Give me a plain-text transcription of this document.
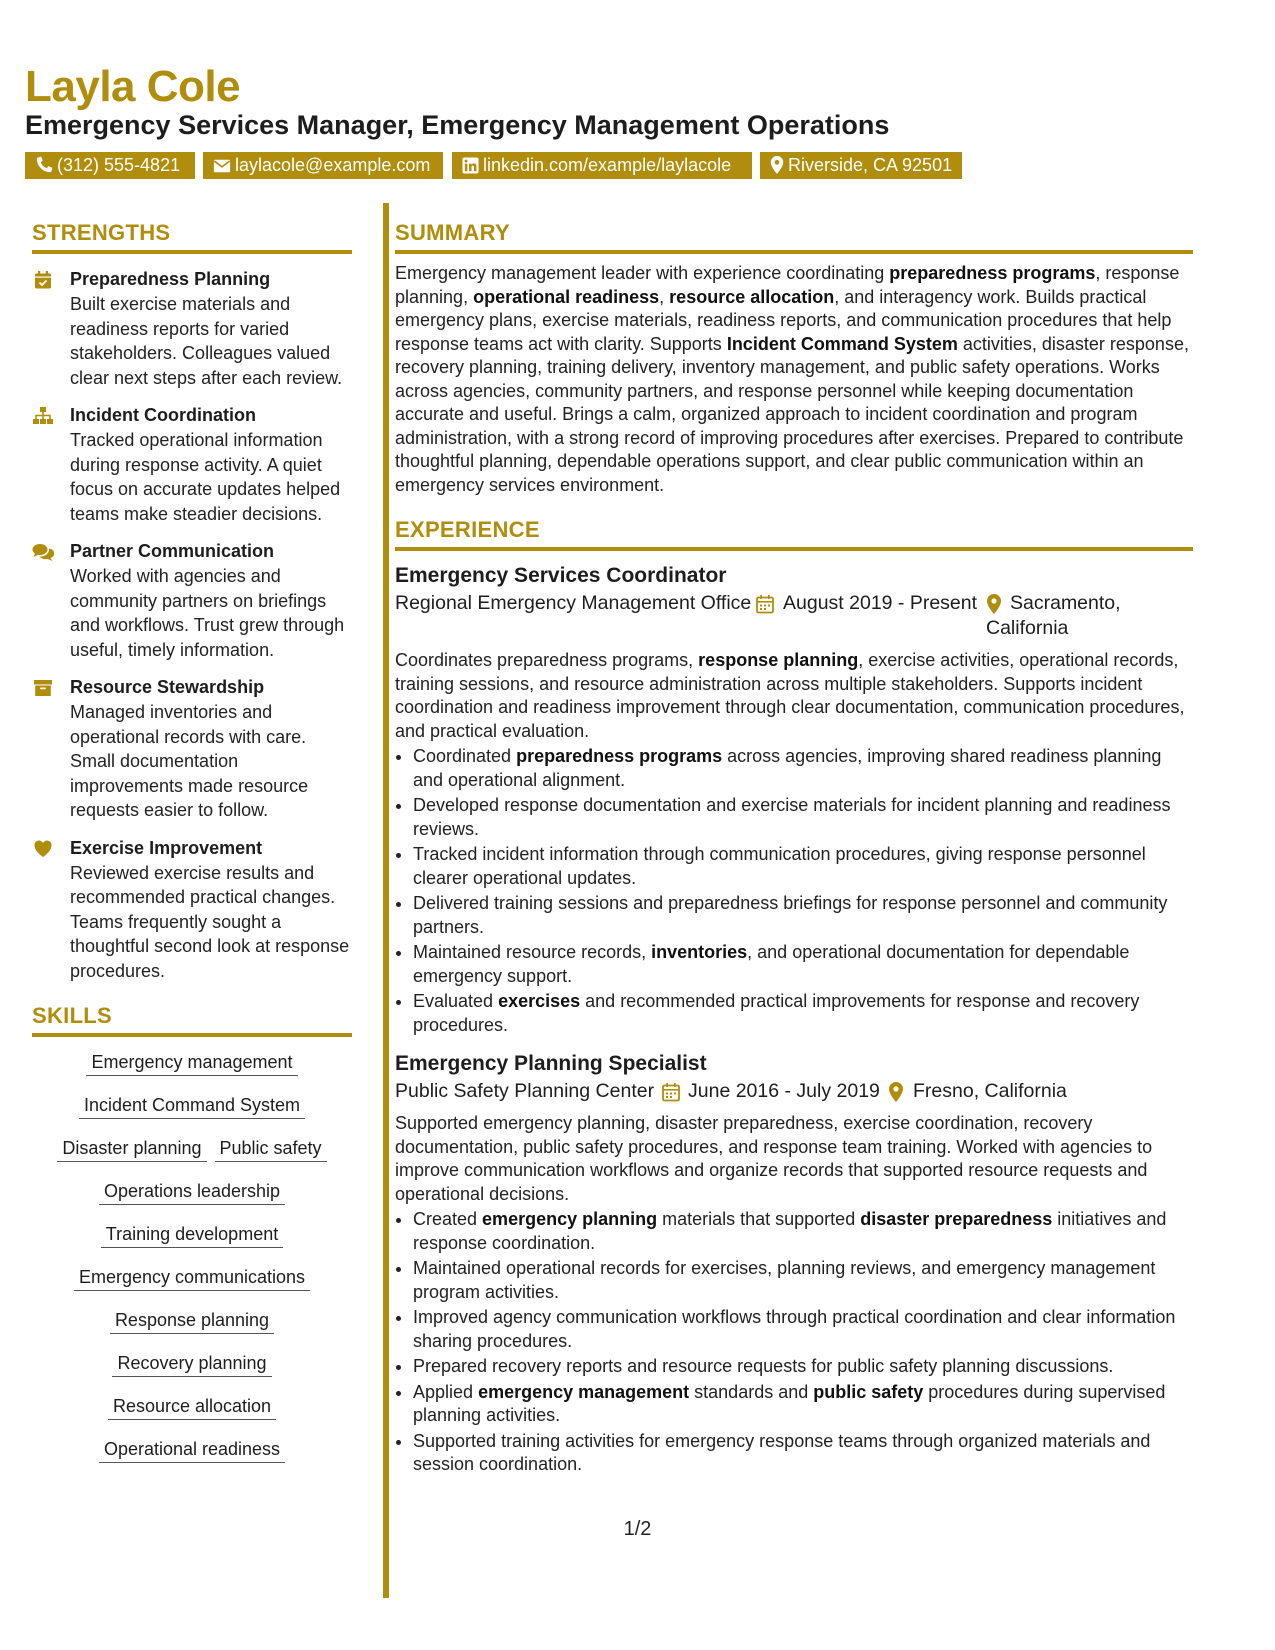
Layla Cole
Emergency Services Manager, Emergency Management Operations
(312) 555-4821	laylacole@example.com	linkedin.com/example/laylacole	Riverside, CA 92501
STRENGTHS
Preparedness Planning
Built exercise materials and readiness reports for varied stakeholders. Colleagues valued clear next steps after each review.
Incident Coordination
Tracked operational information during response activity. A quiet focus on accurate updates helped teams make steadier decisions.
Partner Communication
Worked with agencies and community partners on briefings and workflows. Trust grew through useful, timely information.
Resource Stewardship
Managed inventories and operational records with care. Small documentation improvements made resource requests easier to follow.
Exercise Improvement
Reviewed exercise results and recommended practical changes. Teams frequently sought a thoughtful second look at response procedures.
SKILLS
Emergency management
Incident Command System
Disaster planning Public safety
Operations leadership
Training development
Emergency communications
Response planning
Recovery planning
Resource allocation
Operational readiness
SUMMARY

Emergency management leader with experience coordinating preparedness programs, response planning, operational readiness, resource allocation, and interagency work. Builds practical emergency plans, exercise materials, readiness reports, and communication procedures that help response teams act with clarity. Supports Incident Command System activities, disaster response, recovery planning, training delivery, inventory management, and public safety operations. Works across agencies, community partners, and response personnel while keeping documentation accurate and useful. Brings a calm, organized approach to incident coordination and program administration, with a strong record of improving procedures after exercises. Prepared to contribute thoughtful planning, dependable operations support, and clear public communication within an emergency services environment.

EXPERIENCE
Emergency Services Coordinator
Regional Emergency Management Office August 2019 - Present Sacramento,
California

Coordinates preparedness programs, response planning, exercise activities, operational records, training sessions, and resource administration across multiple stakeholders. Supports incident coordination and readiness improvement through clear documentation, communication procedures, and practical evaluation.

• Coordinated preparedness programs across agencies, improving shared readiness planning and operational alignment.
• Developed response documentation and exercise materials for incident planning and readiness reviews.
• Tracked incident information through communication procedures, giving response personnel clearer operational updates.
• Delivered training sessions and preparedness briefings for response personnel and community partners.
• Maintained resource records, inventories, and operational documentation for dependable emergency support.
• Evaluated exercises and recommended practical improvements for response and recovery procedures.
Emergency Planning Specialist
Public Safety Planning Center June 2016 - July 2019 Fresno, California

Supported emergency planning, disaster preparedness, exercise coordination, recovery documentation, public safety procedures, and response team training. Worked with agencies to improve communication workflows and organize records that supported resource requests and operational decisions.

• Created emergency planning materials that supported disaster preparedness initiatives and response coordination.
• Maintained operational records for exercises, planning reviews, and emergency management program activities.
• Improved agency communication workflows through practical coordination and clear information sharing procedures.
• Prepared recovery reports and resource requests for public safety planning discussions.
• Applied emergency management standards and public safety procedures during supervised planning activities.
• Supported training activities for emergency response teams through organized materials and session coordination.
1/2
